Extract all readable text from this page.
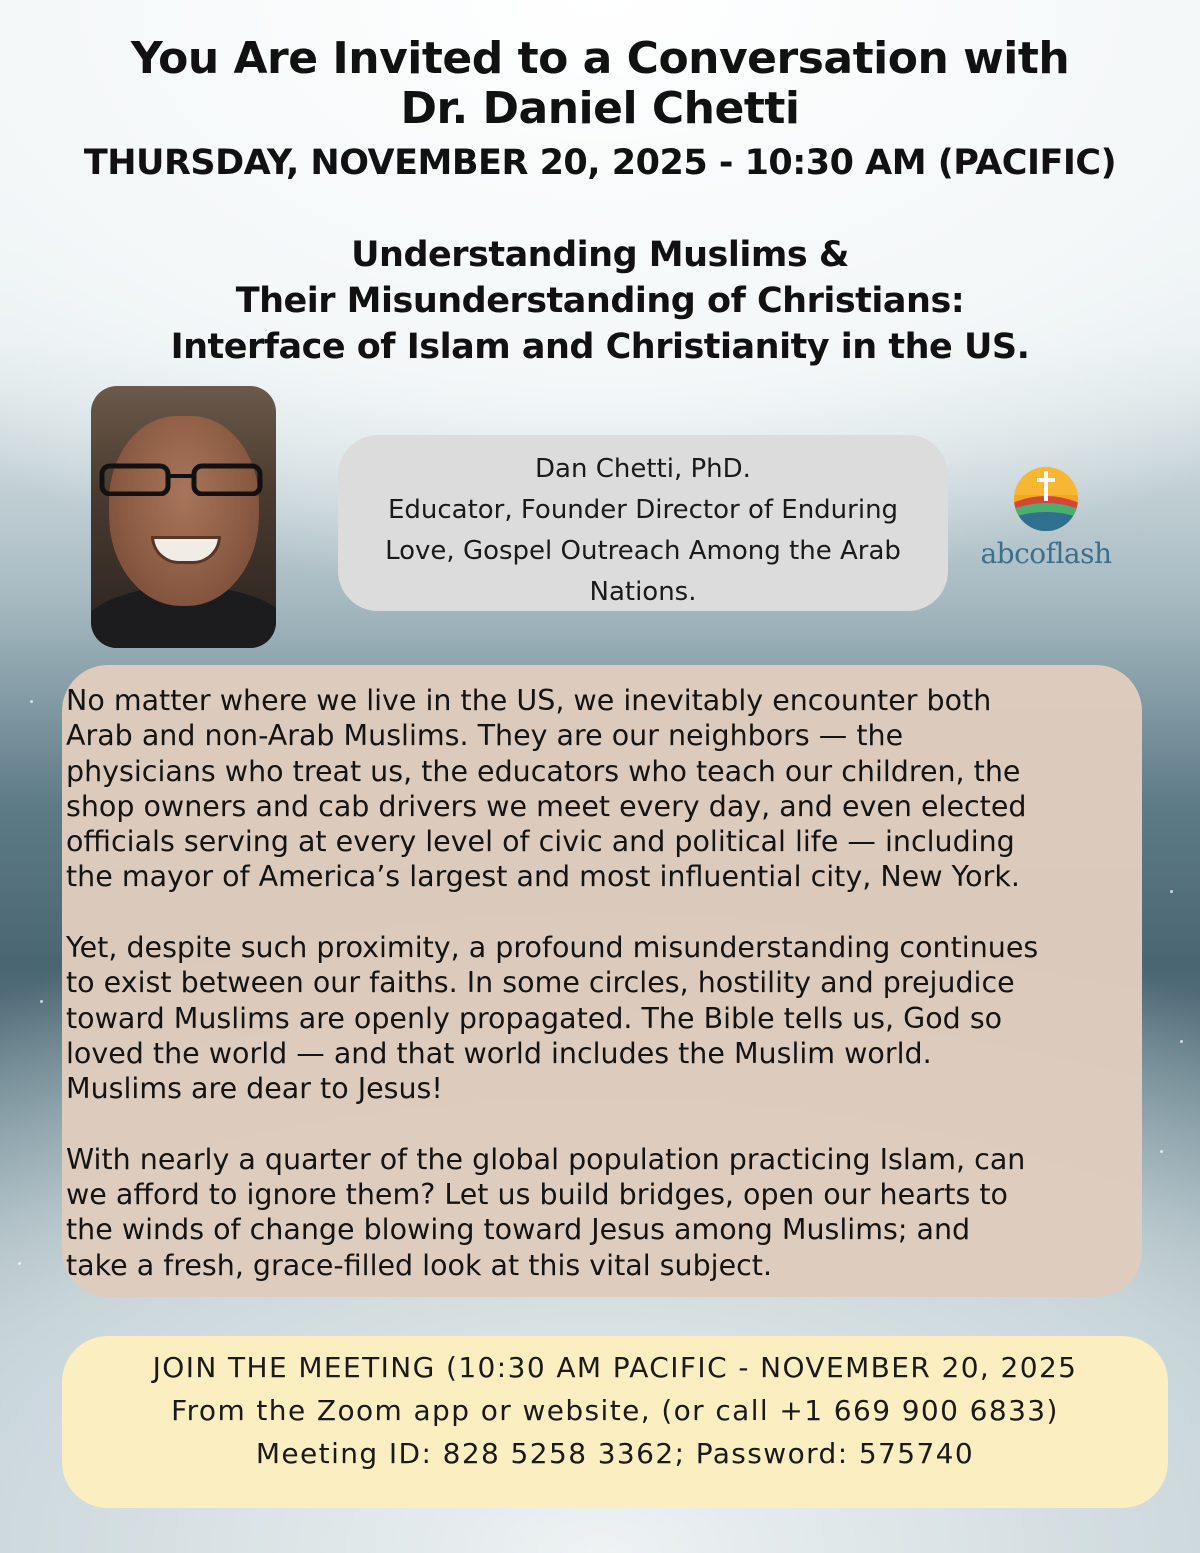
You Are Invited to a Conversation with
Dr. Daniel Chetti
THURSDAY, NOVEMBER 20, 2025 - 10:30 AM (PACIFIC)
Understanding Muslims &
Their Misunderstanding of Christians:
Interface of Islam and Christianity in the US.
Dan Chetti, PhD.
Educator, Founder Director of Enduring
Love, Gospel Outreach Among the Arab
Nations.
abcoflash

No matter where we live in the US, we inevitably encounter both

Arab and non-Arab Muslims. They are our neighbors — the

physicians who treat us, the educators who teach our children, the

shop owners and cab drivers we meet every day, and even elected

officials serving at every level of civic and political life — including

the mayor of America’s largest and most influential city, New York.

Yet, despite such proximity, a profound misunderstanding continues

to exist between our faiths. In some circles, hostility and prejudice

toward Muslims are openly propagated. The Bible tells us, God so

loved the world — and that world includes the Muslim world.

Muslims are dear to Jesus!

With nearly a quarter of the global population practicing Islam, can

we afford to ignore them? Let us build bridges, open our hearts to

the winds of change blowing toward Jesus among Muslims; and

take a fresh, grace-filled look at this vital subject.

JOIN THE MEETING (10:30 AM PACIFIC - NOVEMBER 20, 2025
From the Zoom app or website, (or call +1 669 900 6833)
Meeting ID: 828 5258 3362; Password: 575740
